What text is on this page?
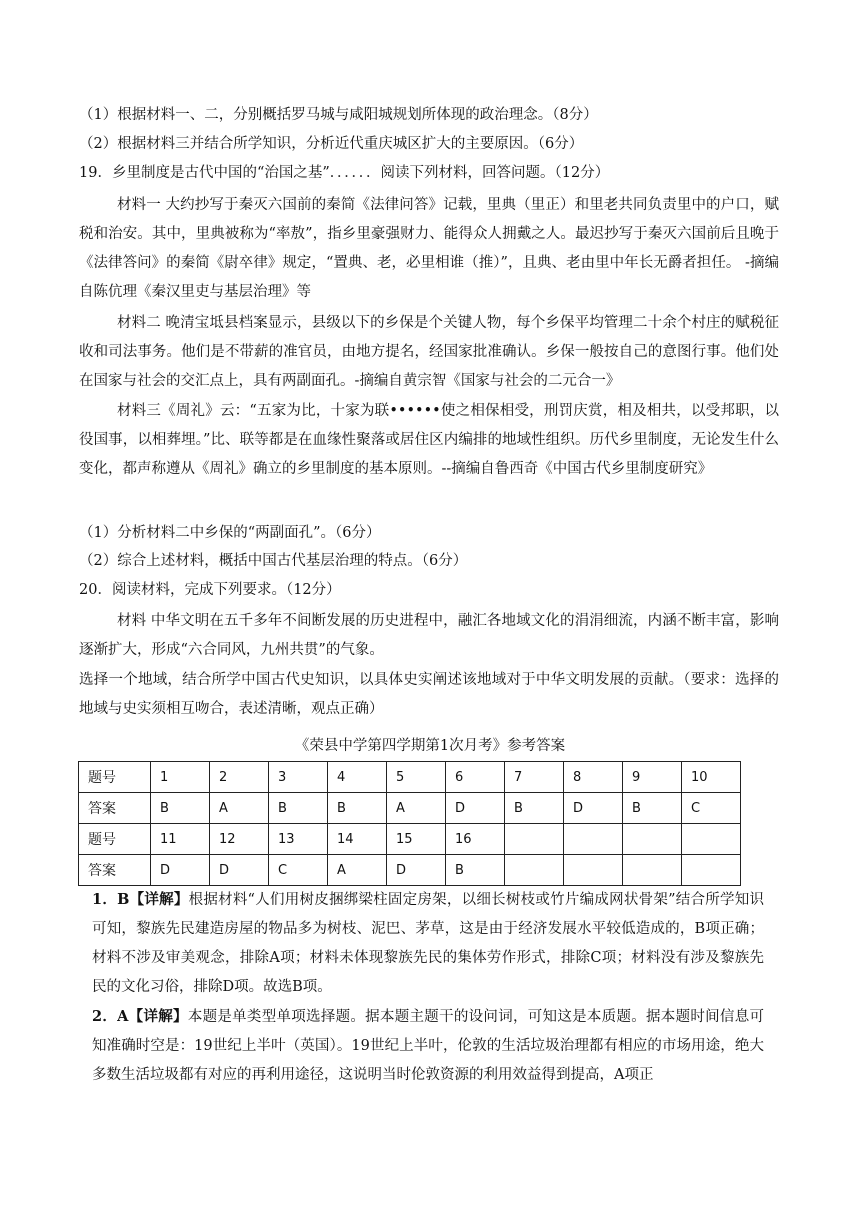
（1）根据材料一、二，分别概括罗马城与咸阳城规划所体现的政治理念。（8分）
（2）根据材料三并结合所学知识，分析近代重庆城区扩大的主要原因。（6分）
19．乡里制度是古代中国的“治国之基”．．．．．．阅读下列材料，回答问题。（12分）
材料一 大约抄写于秦灭六国前的秦简《法律问答》记载，里典（里正）和里老共同负责里中的户口，赋税和治安。其中，里典被称为“率敖”，指乡里豪强财力、能得众人拥戴之人。最迟抄写于秦灭六国前后且晚于《法律答问》的秦简《尉卒律》规定，“置典、老，必里相谁（推）”，且典、老由里中年长无爵者担任。 -摘编自陈伉理《秦汉里吏与基层治理》等
材料二 晚清宝坻县档案显示，县级以下的乡保是个关键人物，每个乡保平均管理二十余个村庄的赋税征收和司法事务。他们是不带薪的准官员，由地方提名，经国家批准确认。乡保一般按自己的意图行事。他们处在国家与社会的交汇点上，具有两副面孔。-摘编自黄宗智《国家与社会的二元合一》
材料三《周礼》云：“五家为比，十家为联••••••使之相保相受，刑罚庆赏，相及相共，以受邦职，以役国事，以相葬埋。”比、联等都是在血缘性聚落或居住区内编排的地域性组织。历代乡里制度，无论发生什么变化，都声称遵从《周礼》确立的乡里制度的基本原则。--摘编自鲁西奇《中国古代乡里制度研究》
（1）分析材料二中乡保的“两副面孔”。（6分）
（2）综合上述材料，概括中国古代基层治理的特点。（6分）
20．阅读材料，完成下列要求。（12分）
材料 中华文明在五千多年不间断发展的历史进程中，融汇各地域文化的涓涓细流，内涵不断丰富，影响逐渐扩大，形成“六合同风，九州共贯”的气象。
选择一个地域，结合所学中国古代史知识，以具体史实阐述该地域对于中华文明发展的贡献。（要求：选择的地域与史实须相互吻合，表述清晰，观点正确）
《荣县中学第四学期第1次月考》参考答案
题号	1	2	3	4	5	6	7	8	9	10
答案	B	A	B	B	A	D	B	D	B	C
题号	11	12	13	14	15	16				
答案	D	D	C	A	D	B				
1．B【详解】根据材料“人们用树皮捆绑梁柱固定房架，以细长树枝或竹片编成网状骨架”结合所学知识可知，黎族先民建造房屋的物品多为树枝、泥巴、茅草，这是由于经济发展水平较低造成的，B项正确；材料不涉及审美观念，排除A项；材料未体现黎族先民的集体劳作形式，排除C项；材料没有涉及黎族先民的文化习俗，排除D项。故选B项。
2．A【详解】本题是单类型单项选择题。据本题主题干的设问词，可知这是本质题。据本题时间信息可知准确时空是：19世纪上半叶（英国）。19世纪上半叶，伦敦的生活垃圾治理都有相应的市场用途，绝大多数生活垃圾都有对应的再利用途径，这说明当时伦敦资源的利用效益得到提高，A项正
